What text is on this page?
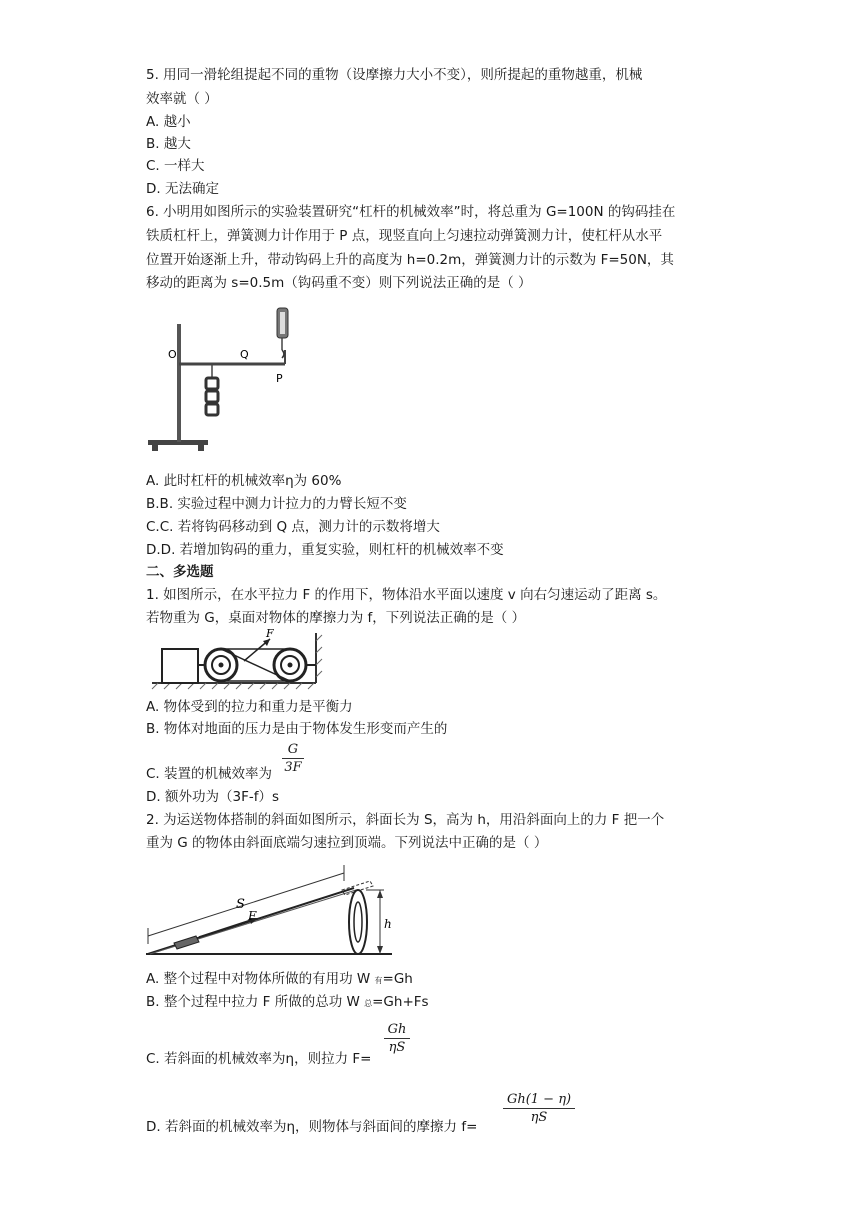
5. 用同一滑轮组提起不同的重物（设摩擦力大小不变），则所提起的重物越重，机械
效率就（ ）
A. 越小
B. 越大
C. 一样大
D. 无法确定
6. 小明用如图所示的实验装置研究“杠杆的机械效率”时，将总重为 G=100N 的钩码挂在
铁质杠杆上，弹簧测力计作用于 P 点，现竖直向上匀速拉动弹簧测力计，使杠杆从水平
位置开始逐渐上升，带动钩码上升的高度为 h=0.2m，弹簧测力计的示数为 F=50N，其
移动的距离为 s=0.5m（钩码重不变）则下列说法正确的是（ ）
O	Q
P
A. 此时杠杆的机械效率η为 60%
B.B. 实验过程中测力计拉力的力臂长短不变
C.C. 若将钩码移动到 Q 点，测力计的示数将增大
D.D. 若增加钩码的重力，重复实验，则杠杆的机械效率不变
二、多选题
1. 如图所示，在水平拉力 F 的作用下，物体沿水平面以速度 v 向右匀速运动了距离 s。
若物重为 G，桌面对物体的摩擦力为 f，下列说法正确的是（ ）
F
A. 物体受到的拉力和重力是平衡力
B. 物体对地面的压力是由于物体发生形变而产生的
C. 装置的机械效率为
G
3F
D. 额外功为（3F-f）s
2. 为运送物体搭制的斜面如图所示，斜面长为 S，高为 h，用沿斜面向上的力 F 把一个
重为 G 的物体由斜面底端匀速拉到顶端。下列说法中正确的是（ ）
S
F
h
A. 整个过程中对物体所做的有用功 W 有=Gh
B. 整个过程中拉力 F 所做的总功 W 总=Gh+Fs
C. 若斜面的机械效率为η，则拉力 F=
Gh
ηS
D. 若斜面的机械效率为η，则物体与斜面间的摩擦力 f=
Gh(1 − η)
ηS
